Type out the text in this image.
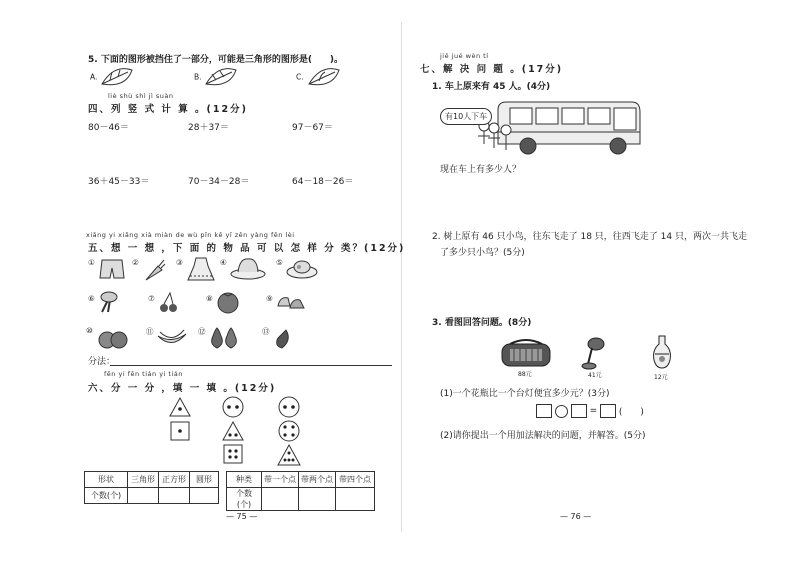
5. 下面的图形被挡住了一部分，可能是三角形的图形是(　　)。
A.	B.	C.
liè shù shì jì suàn
四、列 竖 式 计 算 。(12分)
80－46＝	28＋37＝	97－67＝
36＋45－33＝	70－34－28＝	64－18－26＝
xiǎng yi xiǎng xià miàn de wù pǐn kě yǐ zěn yàng fēn lèi
五、想 一 想 ，下 面 的 物 品 可 以 怎 样 分 类？(12分)
①	②	③	④	⑤
⑥	⑦	⑧	⑨
⑩	⑪	⑫	⑬
分法：
fēn yi fēn tián yi tián
六、分 一 分 ，填 一 填 。(12分)
形状	三角形	正方形	圆形
个数(个)			
种类	带一个点	带两个点	带四个点
个数(个)			
— 75 —
jiě jué wèn tí
七、解 决 问 题 。(17分)
1. 车上原来有 45 人。(4分)
有10人下车
现在车上有多少人？
2. 树上原有 46 只小鸟，往东飞走了 18 只，往西飞走了 14 只，两次一共飞走
了多少只小鸟？(5分)
3. 看图回答问题。(8分)
88元	41元	12元
(1)一个花瓶比一个台灯便宜多少元？(3分)
= (　　)
(2)请你提出一个用加法解决的问题，并解答。(5分)
— 76 —
